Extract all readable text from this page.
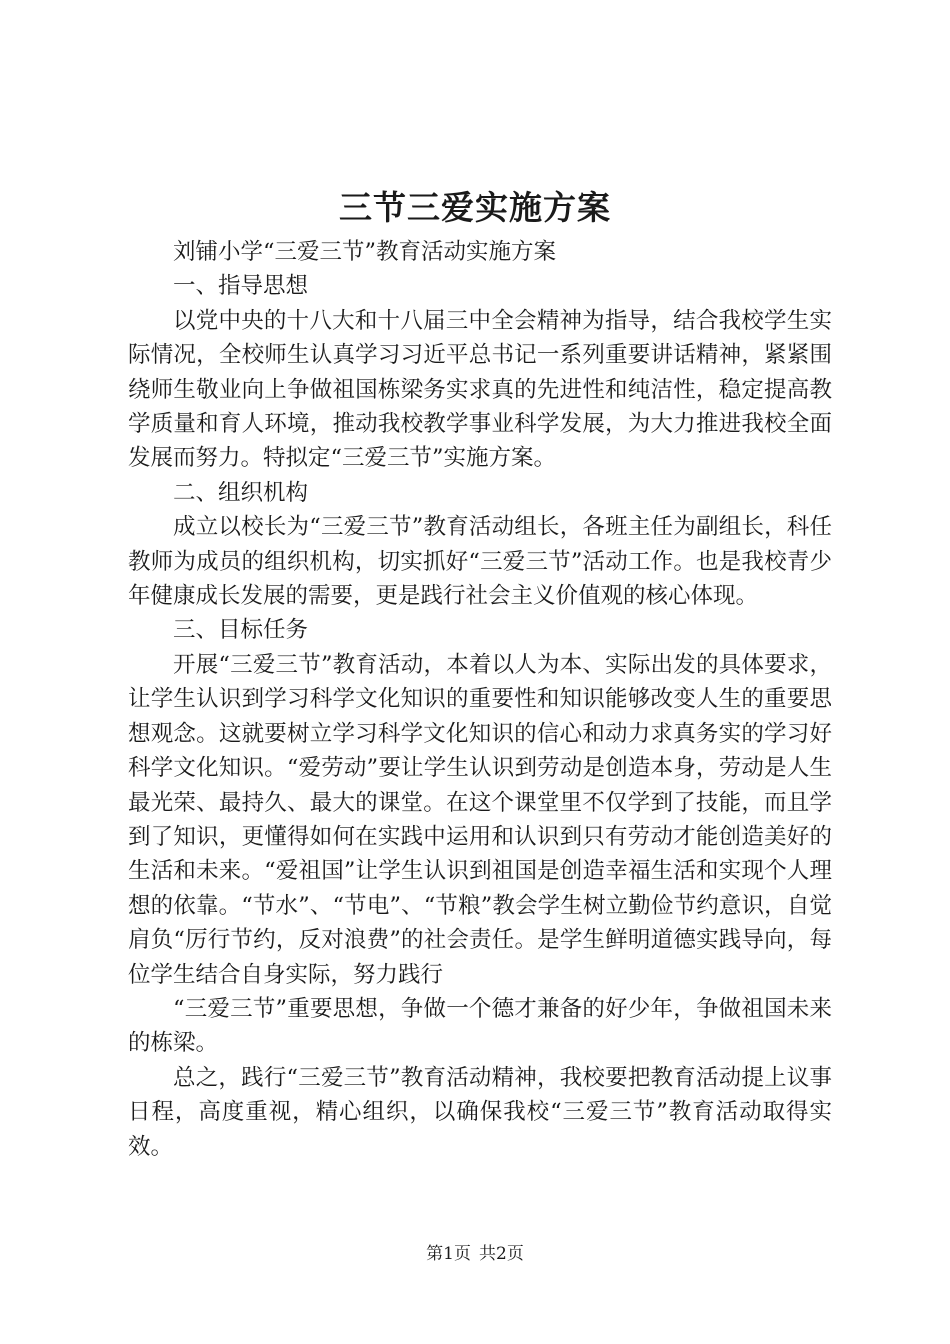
三节三爱实施方案

刘铺小学“三爱三节”教育活动实施方案

一、指导思想

以党中央的十八大和十八届三中全会精神为指导，结合我校学生实际情况，全校师生认真学习习近平总书记一系列重要讲话精神，紧紧围绕师生敬业向上争做祖国栋梁务实求真的先进性和纯洁性，稳定提高教学质量和育人环境，推动我校教学事业科学发展，为大力推进我校全面发展而努力。特拟定“三爱三节”实施方案。

二、组织机构

成立以校长为“三爱三节”教育活动组长，各班主任为副组长，科任教师为成员的组织机构，切实抓好“三爱三节”活动工作。也是我校青少年健康成长发展的需要，更是践行社会主义价值观的核心体现。

三、目标任务

开展“三爱三节”教育活动，本着以人为本、实际出发的具体要求，让学生认识到学习科学文化知识的重要性和知识能够改变人生的重要思想观念。这就要树立学习科学文化知识的信心和动力求真务实的学习好科学文化知识。“爱劳动”要让学生认识到劳动是创造本身，劳动是人生最光荣、最持久、最大的课堂。在这个课堂里不仅学到了技能，而且学到了知识，更懂得如何在实践中运用和认识到只有劳动才能创造美好的生活和未来。“爱祖国”让学生认识到祖国是创造幸福生活和实现个人理想的依靠。“节水”、“节电”、“节粮”教会学生树立勤俭节约意识，自觉肩负“厉行节约，反对浪费”的社会责任。是学生鲜明道德实践导向，每位学生结合自身实际，努力践行

“三爱三节”重要思想，争做一个德才兼备的好少年，争做祖国未来的栋梁。

总之，践行“三爱三节”教育活动精神，我校要把教育活动提上议事日程，高度重视，精心组织，以确保我校“三爱三节”教育活动取得实效。

第1页 共2页
